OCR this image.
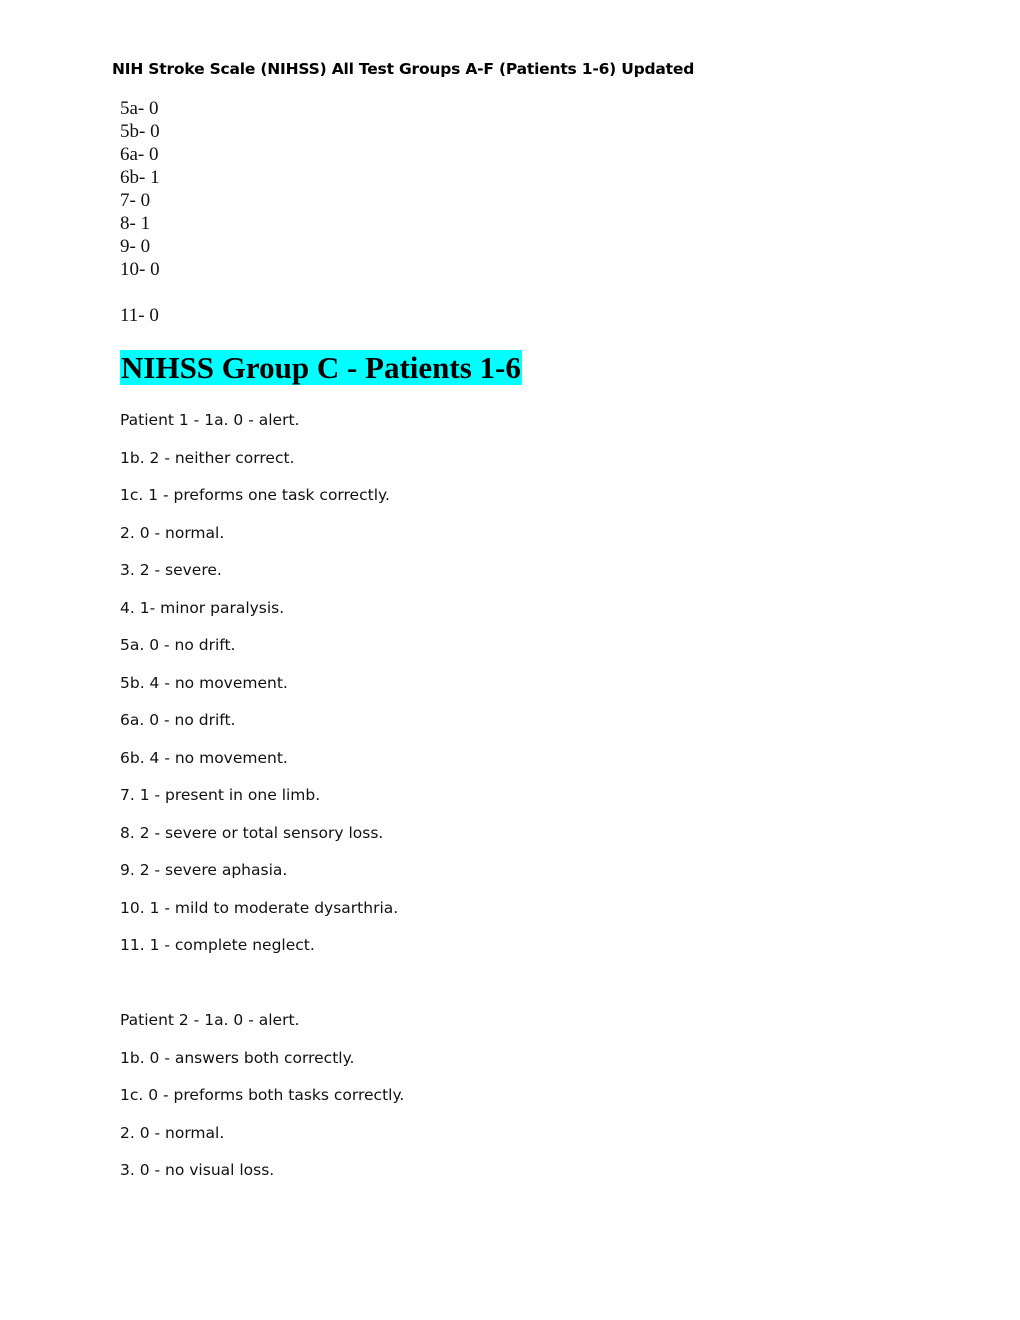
NIH Stroke Scale (NIHSS) All Test Groups A-F (Patients 1-6) Updated
5a- 0
5b- 0
6a- 0
6b- 1
7- 0
8- 1
9- 0
10- 0
11- 0
NIHSS Group C - Patients 1-6
Patient 1 - 1a. 0 - alert.
1b. 2 - neither correct.
1c. 1 - preforms one task correctly.
2. 0 - normal.
3. 2 - severe.
4. 1- minor paralysis.
5a. 0 - no drift.
5b. 4 - no movement.
6a. 0 - no drift.
6b. 4 - no movement.
7. 1 - present in one limb.
8. 2 - severe or total sensory loss.
9. 2 - severe aphasia.
10. 1 - mild to moderate dysarthria.
11. 1 - complete neglect.
Patient 2 - 1a. 0 - alert.
1b. 0 - answers both correctly.
1c. 0 - preforms both tasks correctly.
2. 0 - normal.
3. 0 - no visual loss.
